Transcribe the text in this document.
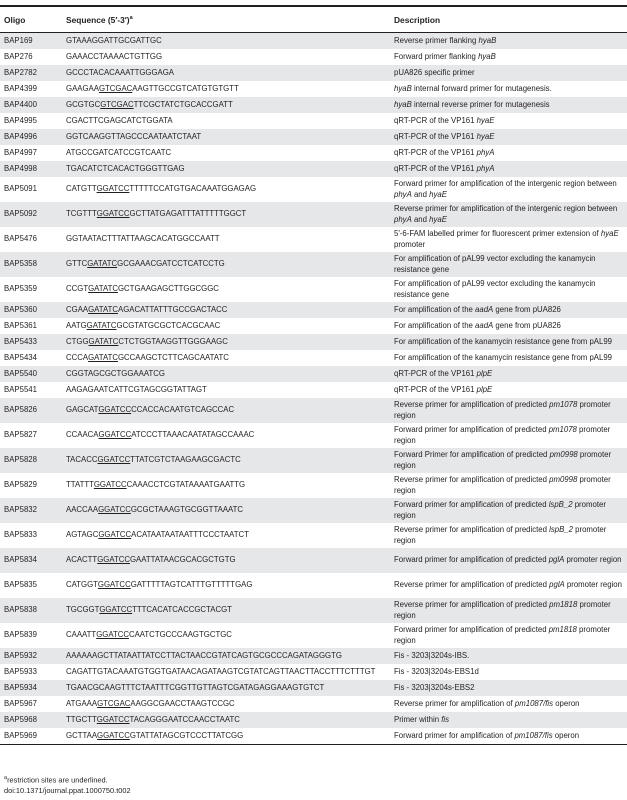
Oligo	Sequence $(5'-3')^a$	Description
BAP169	GTAAAGGATTGCGATTGC	Reverse primer flanking hyaB
BAP276	GAAACCTAAAACTGTTGG	Forward primer flanking hyaB
BAP2782	GCCCTACACAAATTGGGAGA	pUA826 specific primer
BAP4399	GAAGAAGTCGACAAGTTGCCGTCATGTGTGTT	hyaB internal forward primer for mutagenesis.
BAP4400	GCGTGCGTCGACTTCGCTATCTGCACCGATT	hyaB internal reverse primer for mutagenesis
BAP4995	CGACTTCGAGCATCTGGATA	qRT-PCR of the VP161 hyaE
BAP4996	GGTCAAGGTTAGCCCAATAATCTAAT	qRT-PCR of the VP161 hyaE
BAP4997	ATGCCGATCATCCGTCAATC	qRT-PCR of the VP161 phyA
BAP4998	TGACATCTCACACTGGGTTGAG	qRT-PCR of the VP161 phyA
BAP5091	CATGTTGGATCCTTTTTCCATGTGACAAATGGAGAG	Forward primer for amplification of the intergenic region between phyA and hyaE
BAP5092	TCGTTTGGATCCGCTTATGAGATTTATTTTTGGCT	Reverse primer for amplification of the intergenic region between phyA and hyaE
BAP5476	GGTAATACTTTATTAAGCACATGGCCAATT	5′-6-FAM labelled primer for fluorescent primer extension of hyaE promoter
BAP5358	GTTCGATATCGCGAAACGATCCTCATCCTG	For amplification of pAL99 vector excluding the kanamycin resistance gene
BAP5359	CCGTGATATCGCTGAAGAGCTTGGCGGC	For amplification of pAL99 vector excluding the kanamycin resistance gene
BAP5360	CGAAGATATCAGACATTATTTGCCGACTACC	For amplification of the aadA gene from pUA826
BAP5361	AATGGATATCGCGTATGCGCTCACGCAAC	For amplification of the aadA gene from pUA826
BAP5433	CTGGGATATCCTCTGGTAAGGTTGGGAAGC	For amplification of the kanamycin resistance gene from pAL99
BAP5434	CCCAGATATCGCCAAGCTCTTCAGCAATATC	For amplification of the kanamycin resistance gene from pAL99
BAP5540	CGGTAGCGCTGGAAATCG	qRT-PCR of the VP161 plpE
BAP5541	AAGAGAATCATTCGTAGCGGTATTAGT	qRT-PCR of the VP161 plpE
BAP5826	GAGCATGGATCCCCACCACAATGTCAGCCAC	Reverse primer for amplification of predicted pm1078 promoter region
BAP5827	CCAACAGGATCCATCCCTTAAACAATATAGCCAAAC	Forward primer for amplification of predicted pm1078 promoter region
BAP5828	TACACCGGATCCTTATCGTCTAAGAAGCGACTC	Forward Primer for amplification of predicted pm0998 promoter region
BAP5829	TTATTTGGATCCCAAACCTCGTATAAAATGAATTG	Reverse primer for amplification of predicted pm0998 promoter region
BAP5832	AACCAAGGATCCGCGCTAAAGTGCGGTTAAATC	Forward primer for amplification of predicted lspB_2 promoter region
BAP5833	AGTAGCGGATCCACATAATAATAATTTCCCTAATCT	Reverse primer for amplification of predicted lspB_2 promoter region
BAP5834	ACACTTGGATCCGAATTATAACGCACGCTGTG	Forward primer for amplification of predicted pglA promoter region
BAP5835	CATGGTGGATCCGATTTTTAGTCATTTGTTTTTGAG	Reverse primer for amplification of predicted pglA promoter region
BAP5838	TGCGGTGGATCCTTTCACATCACCGCTACGT	Reverse primer for amplification of predicted pm1818 promoter region
BAP5839	CAAATTGGATCCCAATCTGCCCAAGTGCTGC	Forward primer for amplification of predicted pm1818 promoter region
BAP5932	AAAAAAGCTTATAATTATCCTTACTAACCGTATCAGTGCGCCCAGATAGGGTG	Fis - 3203|3204s-IBS.
BAP5933	CAGATTGTACAAATGTGGTGATAACAGATAAGTCGTATCAGTTAACTTACCTTTCTTTGT	Fis - 3203|3204s-EBS1d
BAP5934	TGAACGCAAGTTTCTAATTTCGGTTGTTAGTCGATAGAGGAAAGTGTCT	Fis - 3203|3204s-EBS2
BAP5967	ATGAAAGTCGACAAGGCGAACCTAAGTCCGC	Reverse primer for amplification of pm1087/fis operon
BAP5968	TTGCTTGGATCCTACAGGGAATCCAACCTAATC	Primer within fis
BAP5969	GCTTAAGGATCCGTATTATAGCGTCCCTTATCGG	Forward primer for amplification of pm1087/fis operon
$^a$restriction sites are underlined.
doi:10.1371/journal.ppat.1000750.t002
